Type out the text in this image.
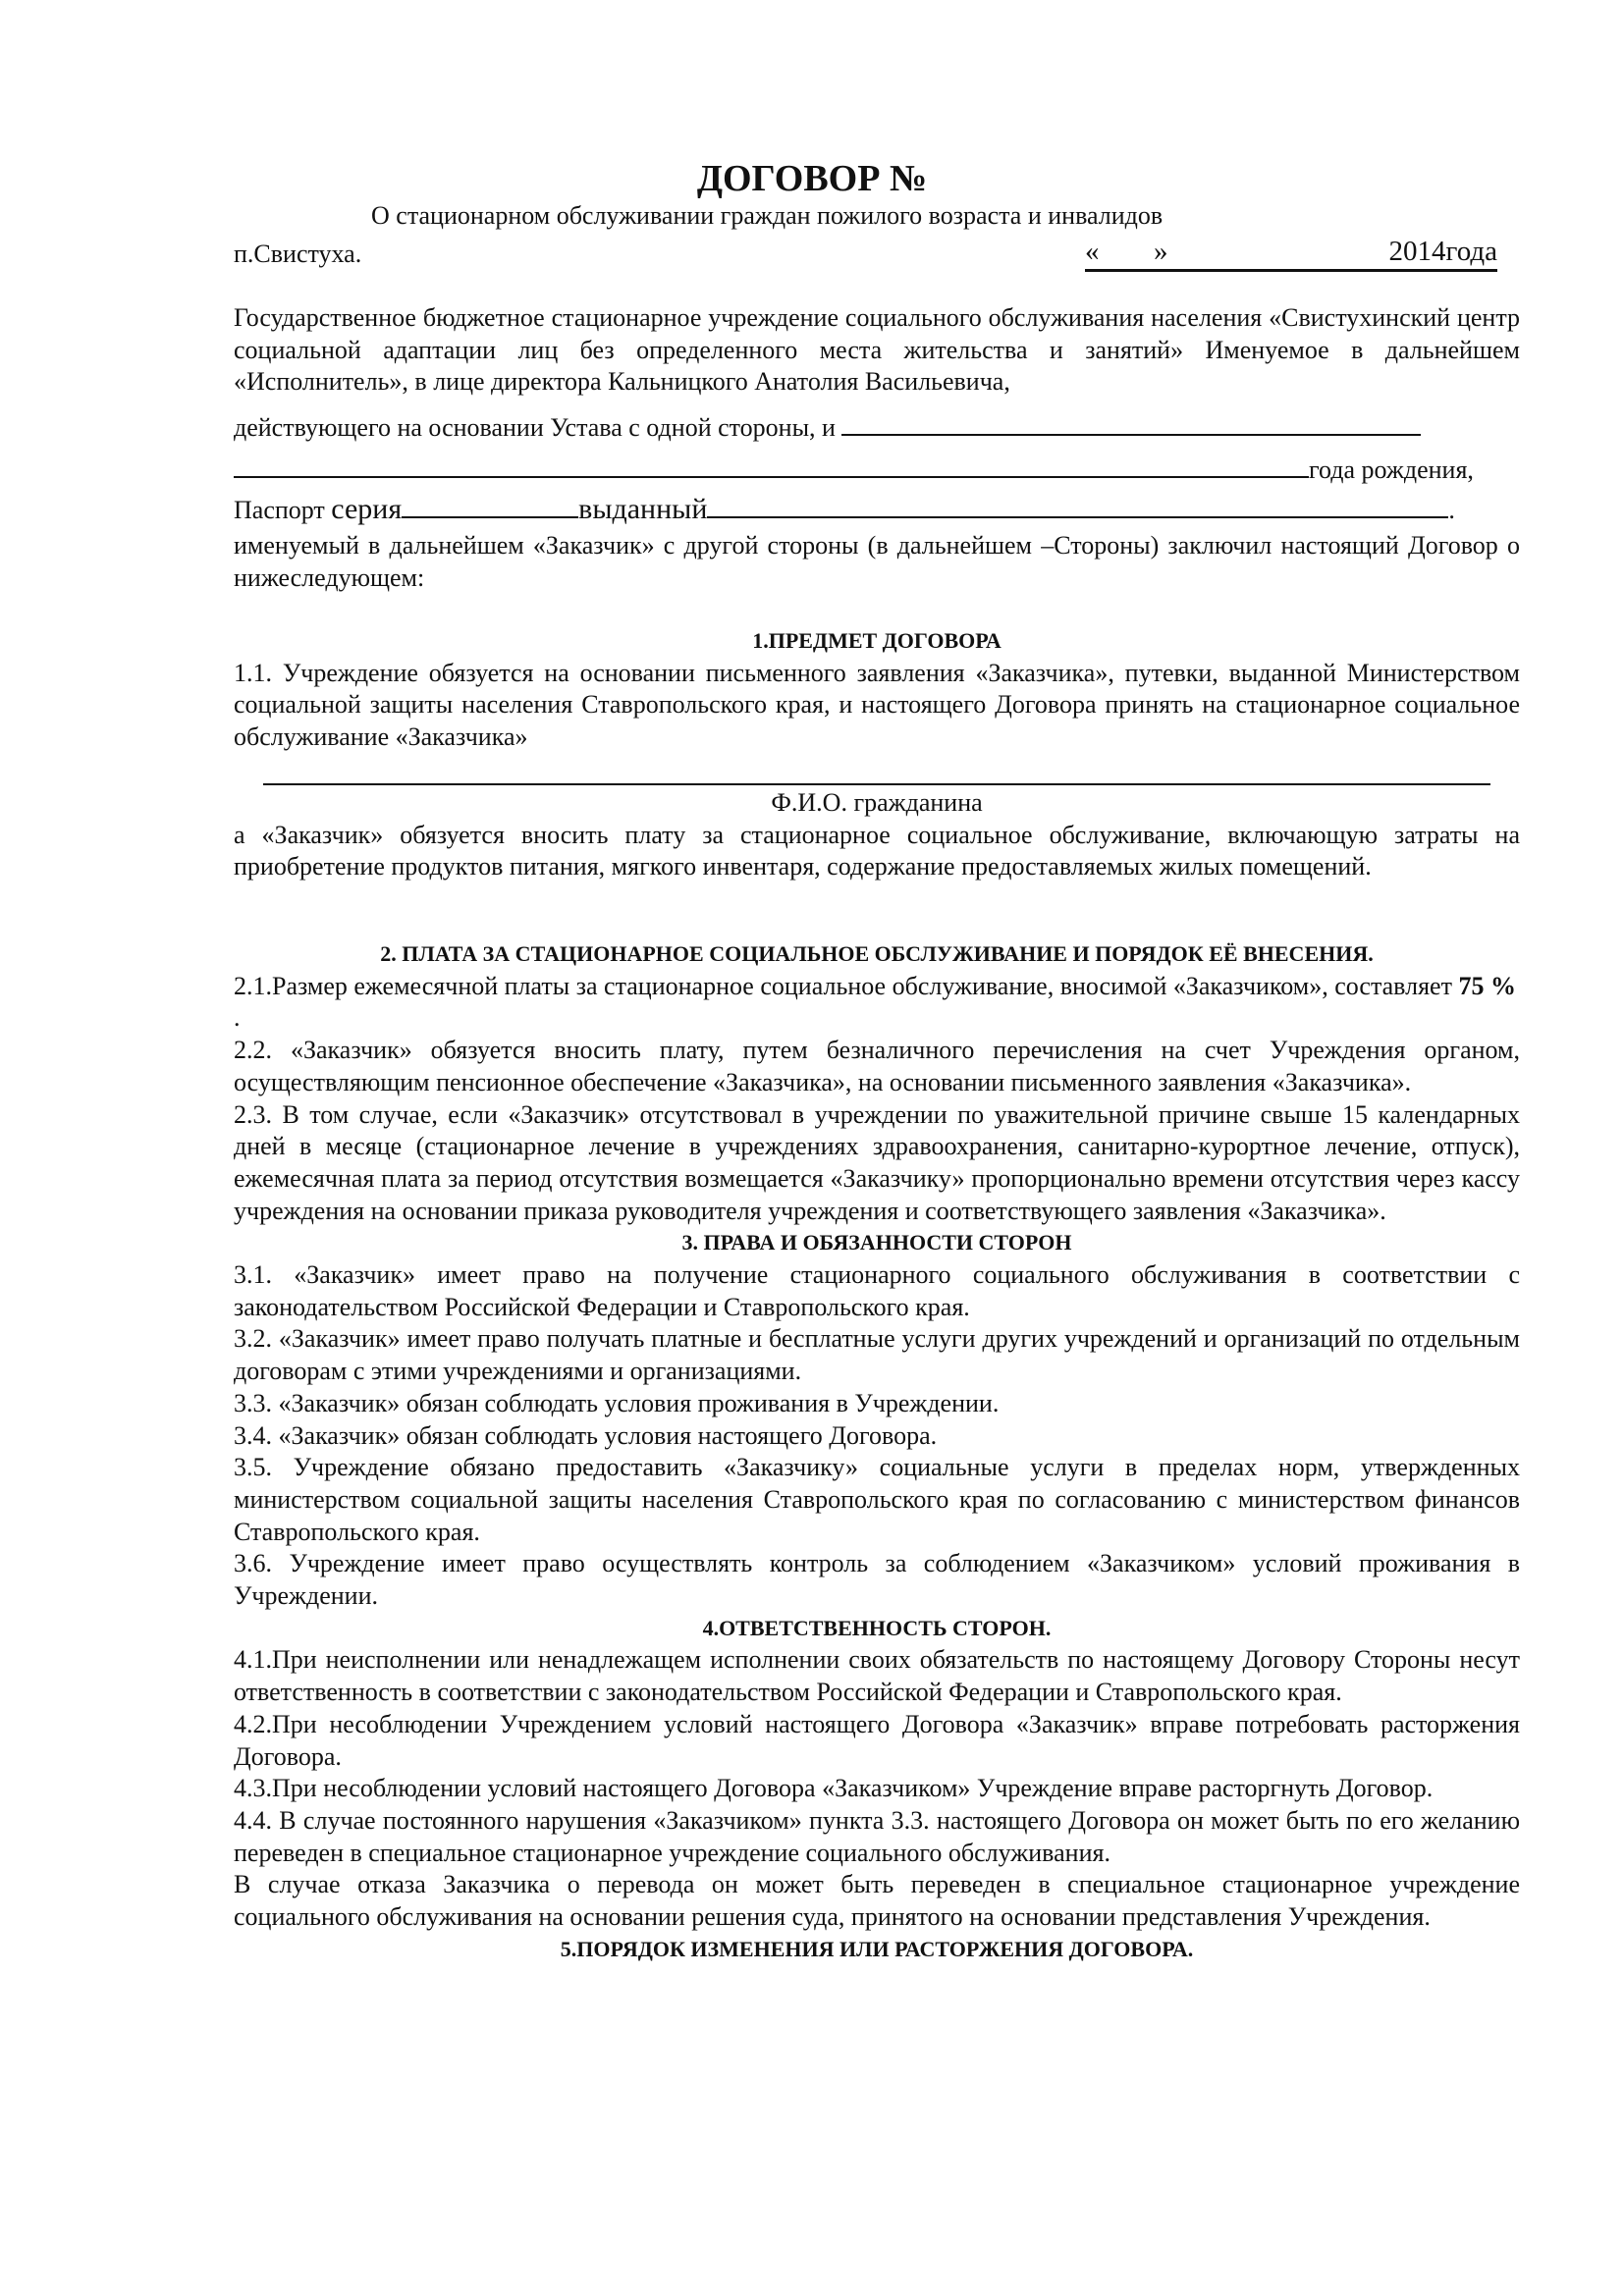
ДОГОВОР №
О стационарном обслуживании граждан пожилого возраста и инвалидов
п.Свистуха.	« »	2014года

Государственное бюджетное стационарное учреждение социального обслуживания населения «Свистухинский центр социальной адаптации лиц без определенного места жительства и занятий» Именуемое в дальнейшем «Исполнитель», в лице директора Кальницкого Анатолия Васильевича,

действующего на основании Устава с одной стороны, и
года рождения,
Паспорт серия	выданный	.

именуемый в дальнейшем «Заказчик» с другой стороны (в дальнейшем –Стороны) заключил настоящий Договор о нижеследующем:

1.ПРЕДМЕТ ДОГОВОРА

1.1. Учреждение обязуется на основании письменного заявления «Заказчика», путевки, выданной Министерством социальной защиты населения Ставропольского края, и настоящего Договора принять на стационарное социальное обслуживание «Заказчика»

Ф.И.О. гражданина

а «Заказчик» обязуется вносить плату за стационарное социальное обслуживание, включающую затраты на приобретение продуктов питания, мягкого инвентаря, содержание предоставляемых жилых помещений.

2. ПЛАТА ЗА СТАЦИОНАРНОЕ СОЦИАЛЬНОЕ ОБСЛУЖИВАНИЕ И ПОРЯДОК ЕЁ ВНЕСЕНИЯ.

2.1.Размер ежемесячной платы за стационарное социальное обслуживание, вносимой «Заказчиком», составляет 75 % .

2.2. «Заказчик» обязуется вносить плату, путем безналичного перечисления на счет Учреждения органом, осуществляющим пенсионное обеспечение «Заказчика», на основании письменного заявления «Заказчика».

2.3. В том случае, если «Заказчик» отсутствовал в учреждении по уважительной причине свыше 15 календарных дней в месяце (стационарное лечение в учреждениях здравоохранения, санитарно-курортное лечение, отпуск), ежемесячная плата за период отсутствия возмещается «Заказчику» пропорционально времени отсутствия через кассу учреждения на основании приказа руководителя учреждения и соответствующего заявления «Заказчика».

3. ПРАВА И ОБЯЗАННОСТИ СТОРОН

3.1. «Заказчик» имеет право на получение стационарного социального обслуживания в соответствии с законодательством Российской Федерации и Ставропольского края.

3.2. «Заказчик» имеет право получать платные и бесплатные услуги других учреждений и организаций по отдельным договорам с этими учреждениями и организациями.

3.3. «Заказчик» обязан соблюдать условия проживания в Учреждении.

3.4. «Заказчик» обязан соблюдать условия настоящего Договора.

3.5. Учреждение обязано предоставить «Заказчику» социальные услуги в пределах норм, утвержденных министерством социальной защиты населения Ставропольского края по согласованию с министерством финансов Ставропольского края.

3.6. Учреждение имеет право осуществлять контроль за соблюдением «Заказчиком» условий проживания в Учреждении.

4.ОТВЕТСТВЕННОСТЬ СТОРОН.

4.1.При неисполнении или ненадлежащем исполнении своих обязательств по настоящему Договору Стороны несут ответственность в соответствии с законодательством Российской Федерации и Ставропольского края.

4.2.При несоблюдении Учреждением условий настоящего Договора «Заказчик» вправе потребовать расторжения Договора.

4.3.При несоблюдении условий настоящего Договора «Заказчиком» Учреждение вправе расторгнуть Договор.

4.4. В случае постоянного нарушения «Заказчиком» пункта 3.3. настоящего Договора он может быть по его желанию переведен в специальное стационарное учреждение социального обслуживания.

В случае отказа Заказчика о перевода он может быть переведен в специальное стационарное учреждение социального обслуживания на основании решения суда, принятого на основании представления Учреждения.

5.ПОРЯДОК ИЗМЕНЕНИЯ ИЛИ РАСТОРЖЕНИЯ ДОГОВОРА.
